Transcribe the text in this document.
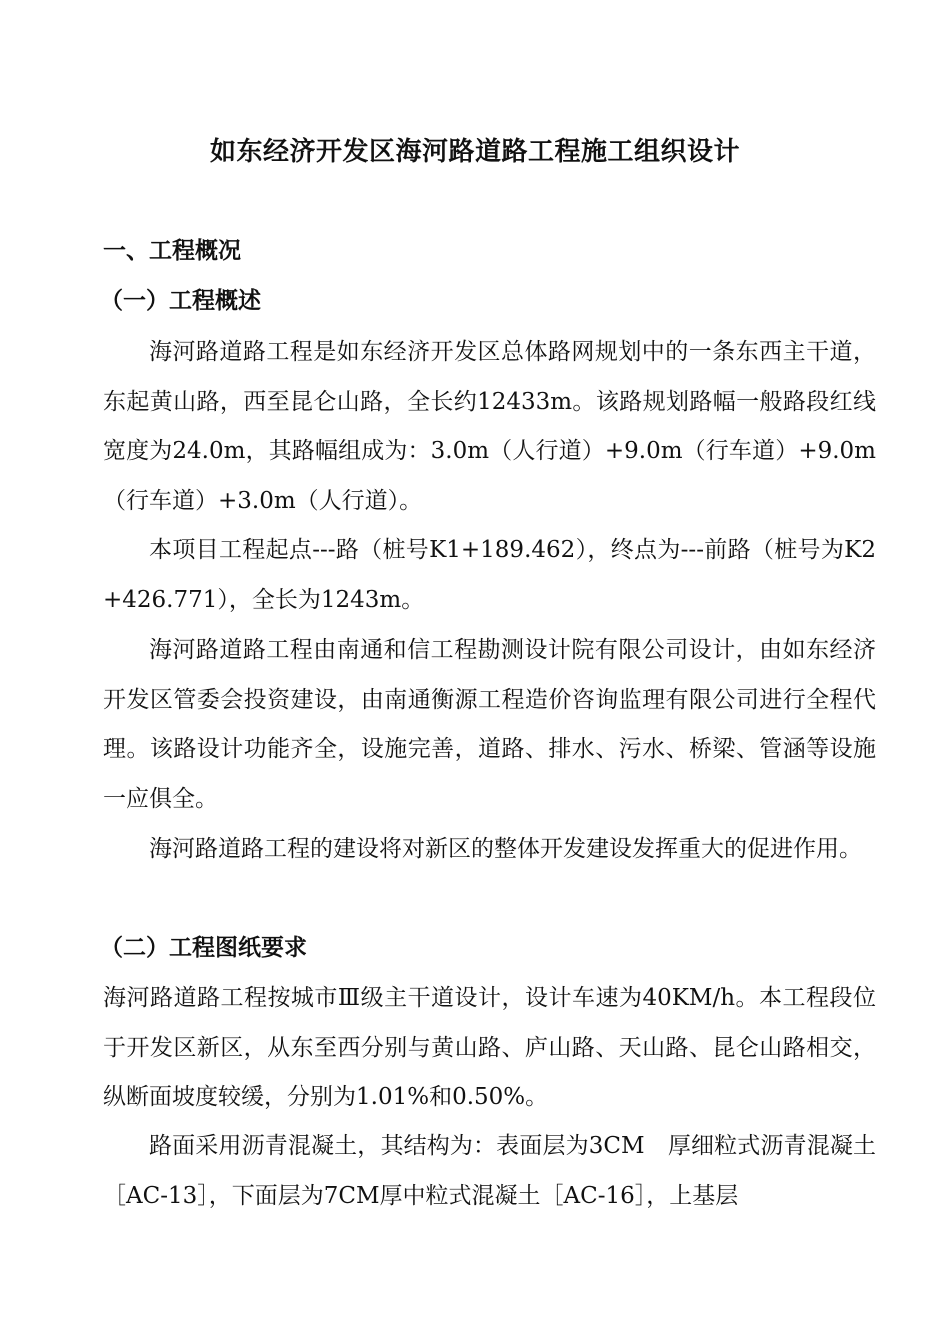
如东经济开发区海河路道路工程施工组织设计
一、工程概况
（一）工程概述
海河路道路工程是如东经济开发区总体路网规划中的一条东西主干道，东起黄山路，西至昆仑山路，全长约12433m。该路规划路幅一般路段红线宽度为24.0m，其路幅组成为：3.0m（人行道）+9.0m（行车道）+9.0m（行车道）+3.0m（人行道）。
本项目工程起点---路（桩号K1+189.462），终点为---前路（桩号为K2+426.771），全长为1243m。
海河路道路工程由南通和信工程勘测设计院有限公司设计，由如东经济开发区管委会投资建设，由南通衡源工程造价咨询监理有限公司进行全程代理。该路设计功能齐全，设施完善，道路、排水、污水、桥梁、管涵等设施一应俱全。
海河路道路工程的建设将对新区的整体开发建设发挥重大的促进作用。
（二）工程图纸要求
海河路道路工程按城市Ⅲ级主干道设计，设计车速为40KM/h。本工程段位于开发区新区，从东至西分别与黄山路、庐山路、天山路、昆仑山路相交，纵断面坡度较缓，分别为1.01%和0.50%。
路面采用沥青混凝土，其结构为：表面层为3CM　厚细粒式沥青混凝土［AC-13］，下面层为7CM厚中粒式混凝土［AC-16］，上基层
